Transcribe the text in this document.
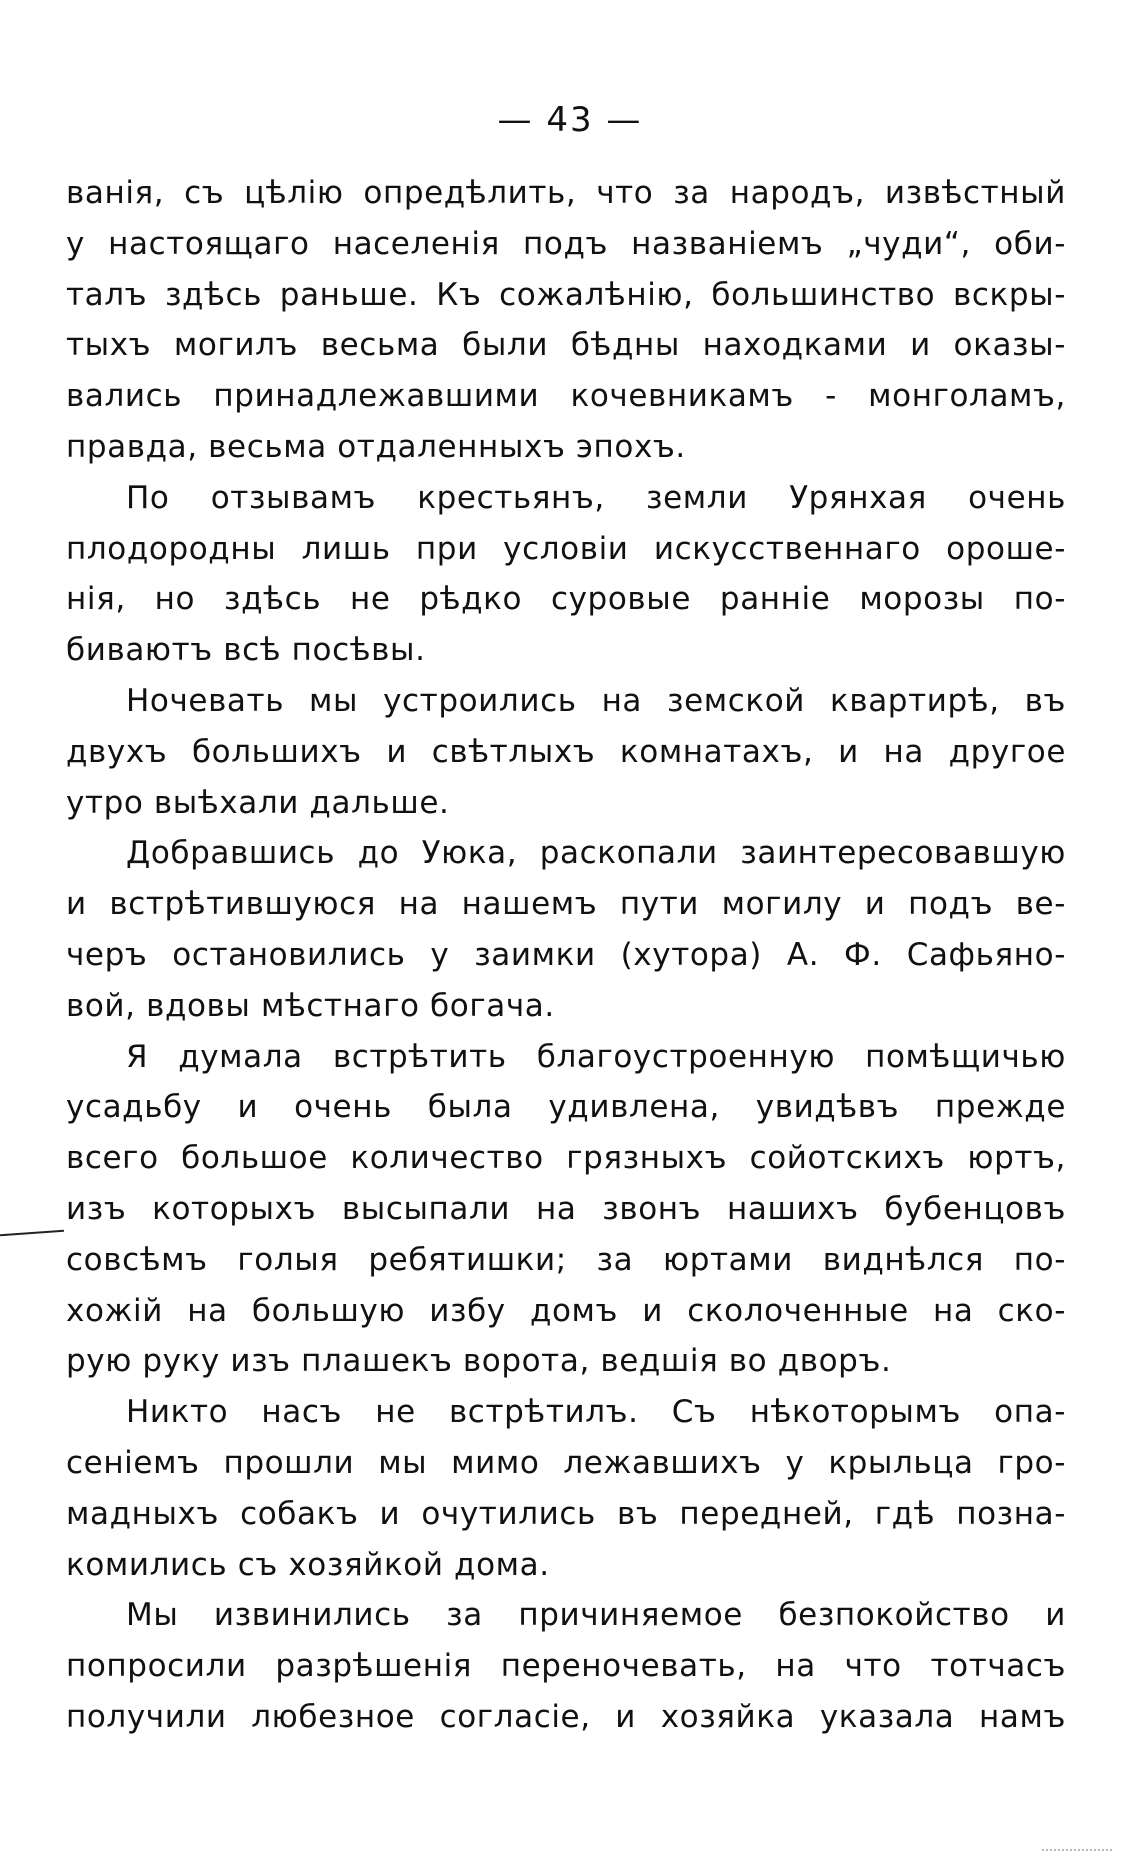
— 43 —
ванія, съ цѣлію опредѣлить, что за народъ, извѣстный
у настоящаго населенія подъ названіемъ „чуди“, оби-
талъ здѣсь раньше. Къ сожалѣнію, большинство вскры-
тыхъ могилъ весьма были бѣдны находками и оказы-
вались принадлежавшими кочевникамъ - монголамъ,
правда, весьма отдаленныхъ эпохъ.
По отзывамъ крестьянъ, земли Урянхая очень
плодородны лишь при условіи искусственнаго ороше-
нія, но здѣсь не рѣдко суровые ранніе морозы по-
биваютъ всѣ посѣвы.
Ночевать мы устроились на земской квартирѣ, въ
двухъ большихъ и свѣтлыхъ комнатахъ, и на другое
утро выѣхали дальше.
Добравшись до Уюка, раскопали заинтересовавшую
и встрѣтившуюся на нашемъ пути могилу и подъ ве-
черъ остановились у заимки (хутора) А. Ф. Сафьяно-
вой, вдовы мѣстнаго богача.
Я думала встрѣтить благоустроенную помѣщичью
усадьбу и очень была удивлена, увидѣвъ прежде
всего большое количество грязныхъ сойотскихъ юртъ,
изъ которыхъ высыпали на звонъ нашихъ бубенцовъ
совсѣмъ голыя ребятишки; за юртами виднѣлся по-
хожій на большую избу домъ и сколоченные на ско-
рую руку изъ плашекъ ворота, ведшія во дворъ.
Никто насъ не встрѣтилъ. Съ нѣкоторымъ опа-
сеніемъ прошли мы мимо лежавшихъ у крыльца гро-
мадныхъ собакъ и очутились въ передней, гдѣ позна-
комились съ хозяйкой дома.
Мы извинились за причиняемое безпокойство и
попросили разрѣшенія переночевать, на что тотчасъ
получили любезное согласіе, и хозяйка указала намъ
